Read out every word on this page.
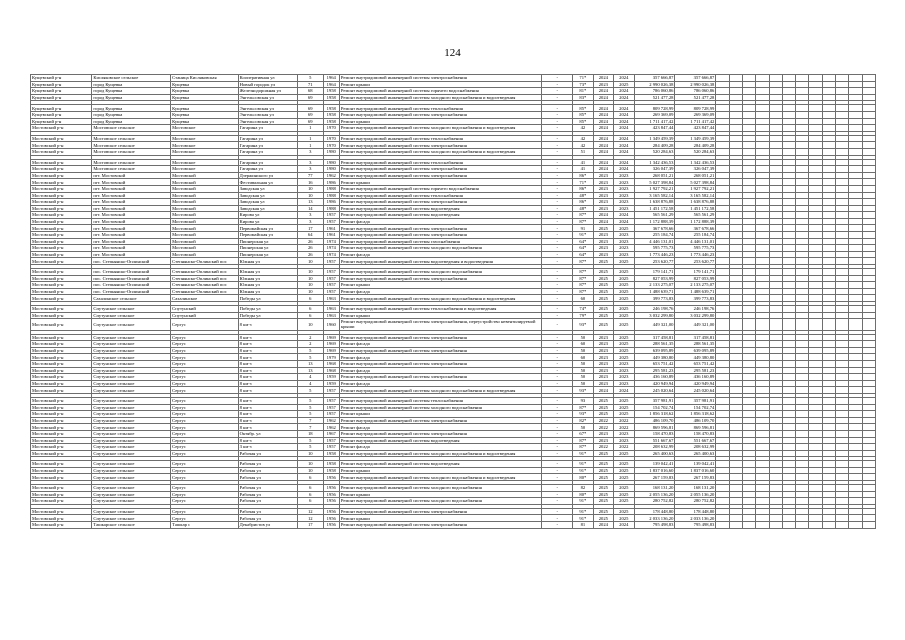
124
Кущевский р-н	Кисляковское сельское	Станица Кисляковская	Кооперативная ул	5	1964	Ремонт внутридомовой инженерной системы электроснабжения	-	71*	2024	2024	357 666,87	357 666,87												
Кущевский р-н	город Кущевка	Кущевка	Новый городок ул	71	1964	Ремонт крыши	-	73*	2023	2025	2 990 026,38	2 990 026,38												
Кущевский р-н	город Кущевка	Кущевка	Железнодорожная ул	68	1958	Ремонт внутридомовой инженерной системы горячего водоснабжения	-	81*	2024	2024	786 060,86	786 060,86												
Кущевский р-н	город Кущевка	Кущевка	Энгельсовская ул	69	1958	Ремонт внутридомовой инженерной системы холодного водоснабжения и водоотведения	-	83*	2024	2024	521 477,28	521 477,28												

Кущевский р-н	город Кущевка	Кущевка	Энгельсовская ул	69	1958	Ремонт внутридомовой инженерной системы теплоснабжения	-	85*	2024	2024	809 728,99	809 728,99												
Кущевский р-н	город Кущевка	Кущевка	Энгельсовская ул	69	1958	Ремонт внутридомовой инженерной системы электроснабжения	-	85*	2024	2024	269 369,09	269 369,09												
Кущевский р-н	город Кущевка	Кущевка	Энгельсовская ул	69	1958	Ремонт крыши	-	85*	2024	2024	1 711 417,42	1 711 417,42												
Мостовский р-н	Мостовское сельское	Мостовское	Гагарина ул	1	1970	Ремонт внутридомовой инженерной системы холодного водоснабжения и водоотведения	-	42	2024	2024	423 847,44	423 847,44												

Мостовский р-н	Мостовское сельское	Мостовское	Гагарина ул	1	1970	Ремонт внутридомовой инженерной системы теплоснабжения	-	42	2024	2024	1 349 459,39	1 349 459,39												
Мостовский р-н	Мостовское сельское	Мостовское	Гагарина ул	1	1970	Ремонт внутридомовой инженерной системы электроснабжения	-	42	2024	2024	284 409,28	284 409,28												
Мостовский р-н	Мостовское сельское	Мостовское	Гагарина ул	3	1980	Ремонт внутридомовой инженерной системы холодного водоснабжения и водоотведения	-	51	2024	2024	520 284,63	520 284,63												

Мостовский р-н	Мостовское сельское	Мостовское	Гагарина ул	3	1980	Ремонт внутридомовой инженерной системы теплоснабжения	-	41	2024	2024	1 342 436,53	1 342 436,53												
Мостовский р-н	Мостовское сельское	Мостовское	Гагарина ул	3	1980	Ремонт внутридомовой инженерной системы электроснабжения	-	41	2024	2024	326 047,39	326 047,39												
Мостовский р-н	пгт. Мостовской	Мостовской	Дзержинского ул	77	1962	Ремонт внутридомовой инженерной системы электроснабжения	-	86*	2023	2023	268 051,21	268 051,21												
Мостовский р-н	пгт. Мостовской	Мостовской	Фестивальная ул	16	1986	Ремонт крыши	-	71*	2023	2023	5 027 398,84	5 027 398,84												
Мостовский р-н	пгт. Мостовской	Мостовской	Заводская ул	10	1988	Ремонт внутридомовой инженерной системы горячего водоснабжения	-	86*	2023	2023	1 927 792,21	1 927 792,21												
Мостовский р-н	пгт. Мостовской	Мостовской	Заводская ул	10	1988	Ремонт внутридомовой инженерной системы теплоснабжения	-	48*	2023	2023	3 165 582,14	3 165 582,14												
Мостовский р-н	пгт. Мостовской	Мостовской	Заводская ул	13	1986	Ремонт внутридомовой инженерной системы электроснабжения	-	86*	2023	2023	1 638 876,88	1 638 876,88												
Мостовский р-н	пгт. Мостовской	Мостовской	Заводская ул	14	1988	Ремонт внутридомовой инженерной системы водоотведения	-	48*	2023	2023	1 451 172,58	1 451 172,58												
Мостовский р-н	пгт. Мостовской	Мостовской	Кирова ул	3	1957	Ремонт внутридомовой инженерной системы водоотведения	-	87*	2024	2024	565 561,29	565 561,29												
Мостовский р-н	пгт. Мостовской	Мостовской	Кирова ул	3	1957	Ремонт фасада	-	87*	2024	2024	1 172 888,39	1 172 888,39												
Мостовский р-н	пгт. Мостовской	Мостовской	Первомайская ул	17	1961	Ремонт внутридомовой инженерной системы электроснабжения	-	91	2025	2025	367 678,66	367 678,66												
Мостовский р-н	пгт. Мостовской	Мостовской	Первомайская ул	64	1961	Ремонт внутридомовой инженерной системы электроснабжения	-	91*	2023	2023	255 184,74	255 184,74												
Мостовский р-н	пгт. Мостовской	Мостовской	Пионерская ул	26	1974	Ремонт внутридомовой инженерной системы газоснабжения	-	64*	2023	2023	4 446 131,01	4 446 131,01												
Мостовский р-н	пгт. Мостовской	Мостовской	Пионерская ул	26	1974	Ремонт внутридомовой инженерной системы холодного водоснабжения	-	64*	2023	2023	595 775,73	595 775,73												
Мостовский р-н	пгт. Мостовской	Мостовской	Пионерская ул	26	1974	Ремонт фасада	-	64*	2023	2023	1 773 446,23	1 773 446,23												
Мостовский р-н	пос. Степнянско-Оплинский	Степнянско-Оплинский пос	Южная ул	10	1957	Ремонт внутридомовой инженерной системы водоотведения и водоотведения	-	87*	2025	2025	253 620,77	253 620,77												

Мостовский р-н	пос. Степнянско-Оплинский	Степнянско-Оплинский пос	Южная ул	10	1957	Ремонт внутридомовой инженерной системы холодного водоснабжения	-	87*	2025	2025	179 141,71	179 141,71												
Мостовский р-н	пос. Степнянско-Оплинский	Степнянско-Оплинский пос	Южная ул	10	1957	Ремонт внутридомовой инженерной системы электроснабжения	-	87*	2025	2025	827 053,99	827 053,99												
Мостовский р-н	пос. Степнянско-Оплинский	Степнянско-Оплинский пос	Южная ул	10	1957	Ремонт крыши	-	87*	2025	2025	2 133 275,07	2 133 275,07												
Мостовский р-н	пос. Степнянско-Оплинский	Степнянско-Оплинский пос	Южная ул	10	1957	Ремонт фасада	-	87*	2025	2025	1 488 639,71	1 488 639,71												
Мостовский р-н	Сахалинское сельское	Сахалинское	Победы ул	6	1963	Ремонт внутридомовой инженерной системы холодного водоснабжения и водоотведения	-	60	2025	2025	399 773,83	399 773,83												

Мостовский р-н	Спутунское сельское	Спутунский	Победы ул	6	1963	Ремонт внутридомовой инженерной системы теплоснабжения и водоотведения	-	74*	2025	2025	246 198,76	246 198,76												
Мостовский р-н	Спутунское сельское	Спутунский	Победы ул	6	1963	Ремонт крыши	-	79*	2025	2025	3 032 299,80	3 032 299,80												
Мостовский р-н	Спутунское сельское	Сергус	8 км-з	10	1960	Ремонт внутридомовой инженерной системы электроснабжения, переустройство невентилируемой крыши	-	93*	2025	2025	449 321,00	449 321,00												

Мостовский р-н	Спутунское сельское	Сергус	8 км-з	2	1969	Ремонт внутридомовой инженерной системы электроснабжения	-	50	2023	2025	317 458,81	317 458,81												
Мостовский р-н	Спутунское сельское	Сергус	8 км-з	2	1969	Ремонт фасада	-	60	2023	2025	288 561,35	288 561,35												
Мостовский р-н	Спутунское сельское	Сергус	8 км-з	5	1969	Ремонт внутридомовой инженерной системы электроснабжения	-	50	2023	2025	639 095,89	639 095,89												
Мостовский р-н	Спутунское сельское	Сергус	8 км-з	5	1979	Ремонт фасада	-	60	2023	2025	449 380,80	449 380,80												
Мостовский р-н	Спутунское сельское	Сергус	8 км-з	13	1968	Ремонт внутридомовой инженерной системы электроснабжения	-	50	2023	2023	653 751,42	653 751,42												
Мостовский р-н	Спутунское сельское	Сергус	8 км-з	13	1968	Ремонт фасада	-	50	2023	2023	295 581,23	295 581,23												
Мостовский р-н	Спутунское сельское	Сергус	8 км-з	4	1959	Ремонт внутридомовой инженерной системы электроснабжения	-	50	2023	2023	436 160,89	436 160,89												
Мостовский р-н	Спутунское сельское	Сергус	8 км-з	4	1959	Ремонт фасада	-	50	2023	2023	420 949,94	420 949,94												
Мостовский р-н	Спутунское сельское	Сергус	8 км-з	5	1957	Ремонт внутридомовой инженерной системы холодного водоснабжения и водоотведения	-	93*	2024	2024	245 020,64	245 020,64												

Мостовский р-н	Спутунское сельское	Сергус	8 км-з	5	1957	Ремонт внутридомовой инженерной системы теплоснабжения	-	93	2025	2025	357 981,91	357 981,91												
Мостовский р-н	Спутунское сельское	Сергус	8 км-з	5	1957	Ремонт внутридомовой инженерной системы холодного водоснабжения	-	87*	2025	2025	154 702,74	154 702,74												
Мостовский р-н	Спутунское сельское	Сергус	8 км-з	5	1957	Ремонт крыши	-	93*	2025	2025	1 856 318,62	1 856 318,62												
Мостовский р-н	Спутунское сельское	Сергус	8 км-з	7	1962	Ремонт внутридомовой инженерной системы электроснабжения	-	82*	2022	2022	486 109,70	486 109,70												
Мостовский р-н	Спутунское сельское	Сергус	8 км-з	7	1962	Ремонт фасада	-	50	2022	2022	869 596,81	869 596,81												
Мостовский р-н	Спутунское сельское	Сергус	Октябр. ул	18	1967	Ремонт внутридомовой инженерной системы электроснабжения	-	67*	2023	2023	158 470,83	158 470,83												
Мостовский р-н	Спутунское сельское	Сергус	8 км-з	5	1957	Ремонт внутридомовой инженерной системы водоотведения	-	87*	2023	2023	551 667,67	551 667,67												
Мостовский р-н	Спутунское сельское	Сергус	3 км-з	5	1957	Ремонт фасада	-	87*	2022	2022	208 632,99	208 632,99												
Мостовский р-н	Спутунское сельское	Сергус	Рабочая ул	10	1958	Ремонт внутридомовой инженерной системы холодного водоснабжения и водоотведения	-	91*	2025	2025	265 400,63	265 400,63												

Мостовский р-н	Спутунское сельское	Сергус	Рабочая ул	10	1958	Ремонт внутридомовой инженерной системы водоотведения	-	91*	2025	2025	139 042,41	139 042,41												
Мостовский р-н	Спутунское сельское	Сергус	Рабочая ул	10	1958	Ремонт крыши	-	91*	2025	2025	1 837 016,60	1 837 016,60												
Мостовский р-н	Спутунское сельское	Сергус	Рабочая ул	6	1956	Ремонт внутридомовой инженерной системы холодного водоснабжения и водоотведения	-	80*	2025	2025	267 159,83	267 159,83												

Мостовский р-н	Спутунское сельское	Сергус	Рабочая ул	6	1956	Ремонт внутридомовой инженерной системы холодного водоснабжения	-	82	2025	2025	168 131,20	168 131,20												
Мостовский р-н	Спутунское сельское	Сергус	Рабочая ул	6	1956	Ремонт крыши	-	80*	2025	2025	2 055 136,20	2 055 136,20												
Мостовский р-н	Спутунское сельское	Сергус	Рабочая ул	6	1956	Ремонт внутридомовой инженерной системы холодного водоснабжения	-	91*	2025	2025	280 752,82	280 752,82												

Мостовский р-н	Спутунское сельское	Сергус	Рабочая ул	12	1956	Ремонт внутридомовой инженерной системы электроснабжения	-	91*	2025	2025	178 448,80	178 448,80												
Мостовский р-н	Спутунское сельское	Сергус	Рабочая ул	12	1956	Ремонт крыши	-	91*	2025	2025	2 033 136,20	2 033 136,20												
Мостовский р-н	Ташкарское сельское	Ташкар с	Декабристов ул	17	1956	Ремонт внутридомовой инженерной системы электроснабжения	-	81	2024	2024	795 498,83	795 498,83												
